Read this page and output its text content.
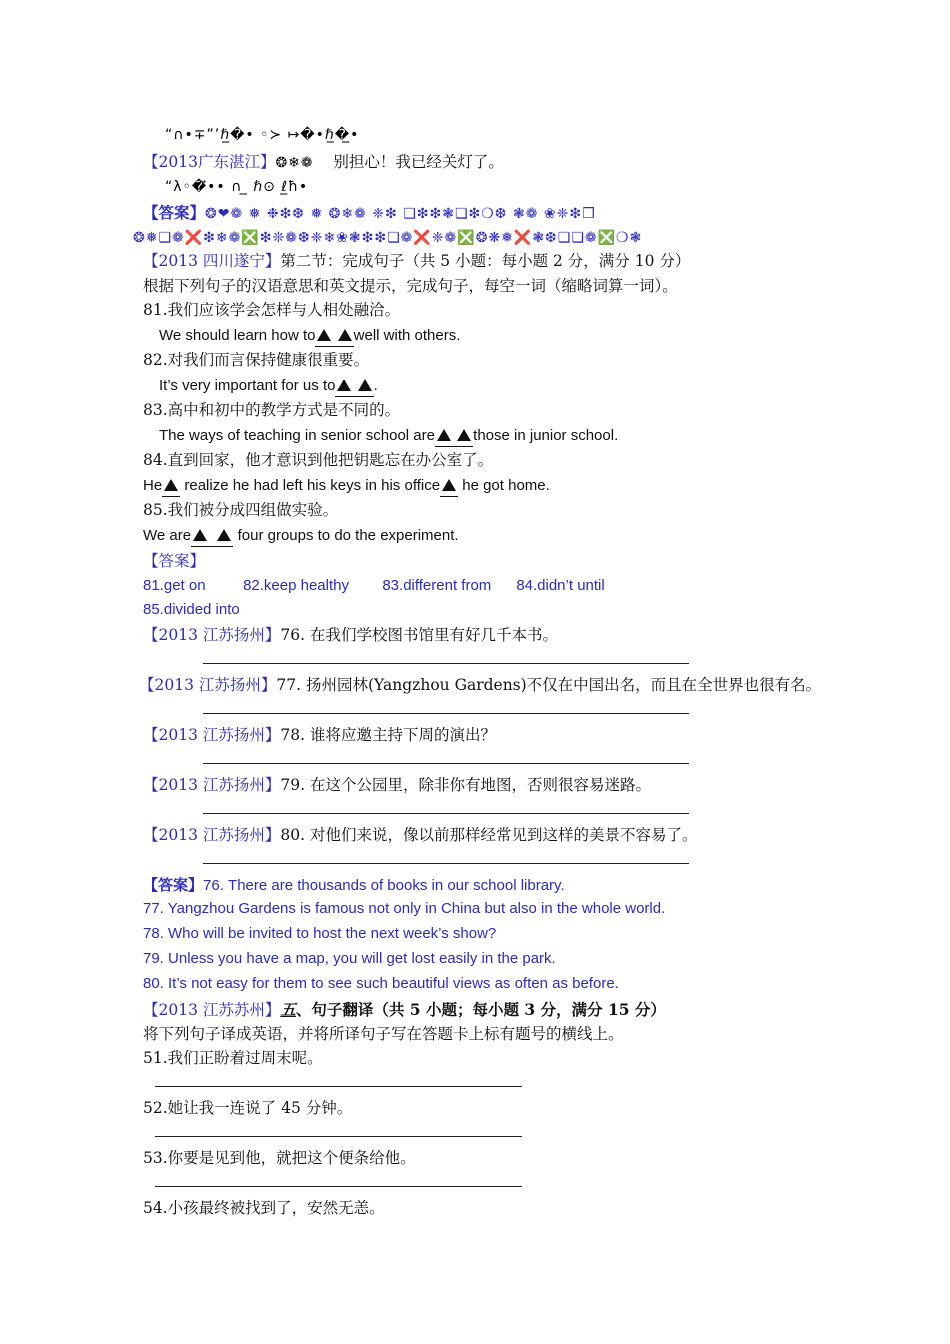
“∩•∓”’ℏ̲�• ◦≻ ↦�•ℏ̲�̲•
【2013广东湛江】❂❄❁ 别担心！我已经关灯了。
“λ◦�⃡•• ∩ ̲̲̲̲̲̲̲̲̲̲̲̲̲̲̲̲̲̲̲̲̲̲̲̲̲̲̲̲̲̲̲̲̲̲̲̲̲̲̲̲̲̲̲̲̲̲̲̲̲̲̲̲̲̲̲̲̲̲̲̲̲̲̲̲̲̲̲̲̲̲̲̲̲̲̲̲̲̲̲̲̲̲̲̲̲̲̲̲̲̲̲̲̲̲̲̲̲̲̲̲̲̲̲̲̲̲̲̲̲̲̲̲̲̲̲̲̲̲̲̲̲̲̲̲̲̲̲ ℏ⊙ ℓ̲̲ħ•
【答案】❂❤❁ ❅ ❉❇❆ ❅ ❂❄❁ ❈❇ ❑❇❇❃❏❇❍❆ ❃❁ ❀❈❇❒
❂❅❏❁❌❇❄❁❎❇❊❁❆❈❄❀❃❇❇❏❁❌❈❁❎❂❋❅❌❃❆❏❏❁❎❍❃
【2013 四川遂宁】第二节：完成句子（共 5 小题：每小题 2 分，满分 10 分）
根据下列句子的汉语意思和英文提示，完成句子，每空一词（缩略词算一词）。
81.我们应该学会怎样与人相处融洽。
We should learn how to	well with others.
82.对我们而言保持健康很重要。
It’s very important for us to	.
83.高中和初中的教学方式是不同的。
The ways of teaching in senior school are	those in junior school.
84.直到回家，他才意识到他把钥匙忘在办公室了。
He realize he had left his keys in his office he got home.
85.我们被分成四组做实验。
We are	four groups to do the experiment.
【答案】
81.get on	82.keep healthy 83.different from 84.didn’t until
85.divided into
【2013 江苏扬州】76. 在我们学校图书馆里有好几千本书。
【2013 江苏扬州】77. 扬州园林(Yangzhou Gardens)不仅在中国出名，而且在全世界也很有名。
【2013 江苏扬州】78. 谁将应邀主持下周的演出？
【2013 江苏扬州】79. 在这个公园里，除非你有地图，否则很容易迷路。
【2013 江苏扬州】80. 对他们来说，像以前那样经常见到这样的美景不容易了。
【答案】76. There are thousands of books in our school library.
77. Yangzhou Gardens is famous not only in China but also in the whole world.
78. Who will be invited to host the next week’s show?
79. Unless you have a map, you will get lost easily in the park.
80. It’s not easy for them to see such beautiful views as often as before.
【2013 江苏苏州】五、句子翻译（共 5 小题；每小题 3 分，满分 15 分）
将下列句子译成英语，并将所译句子写在答题卡上标有题号的横线上。
51.我们正盼着过周末呢。
52.她让我一连说了 45 分钟。
53.你要是见到他，就把这个便条给他。
54.小孩最终被找到了，安然无恙。
